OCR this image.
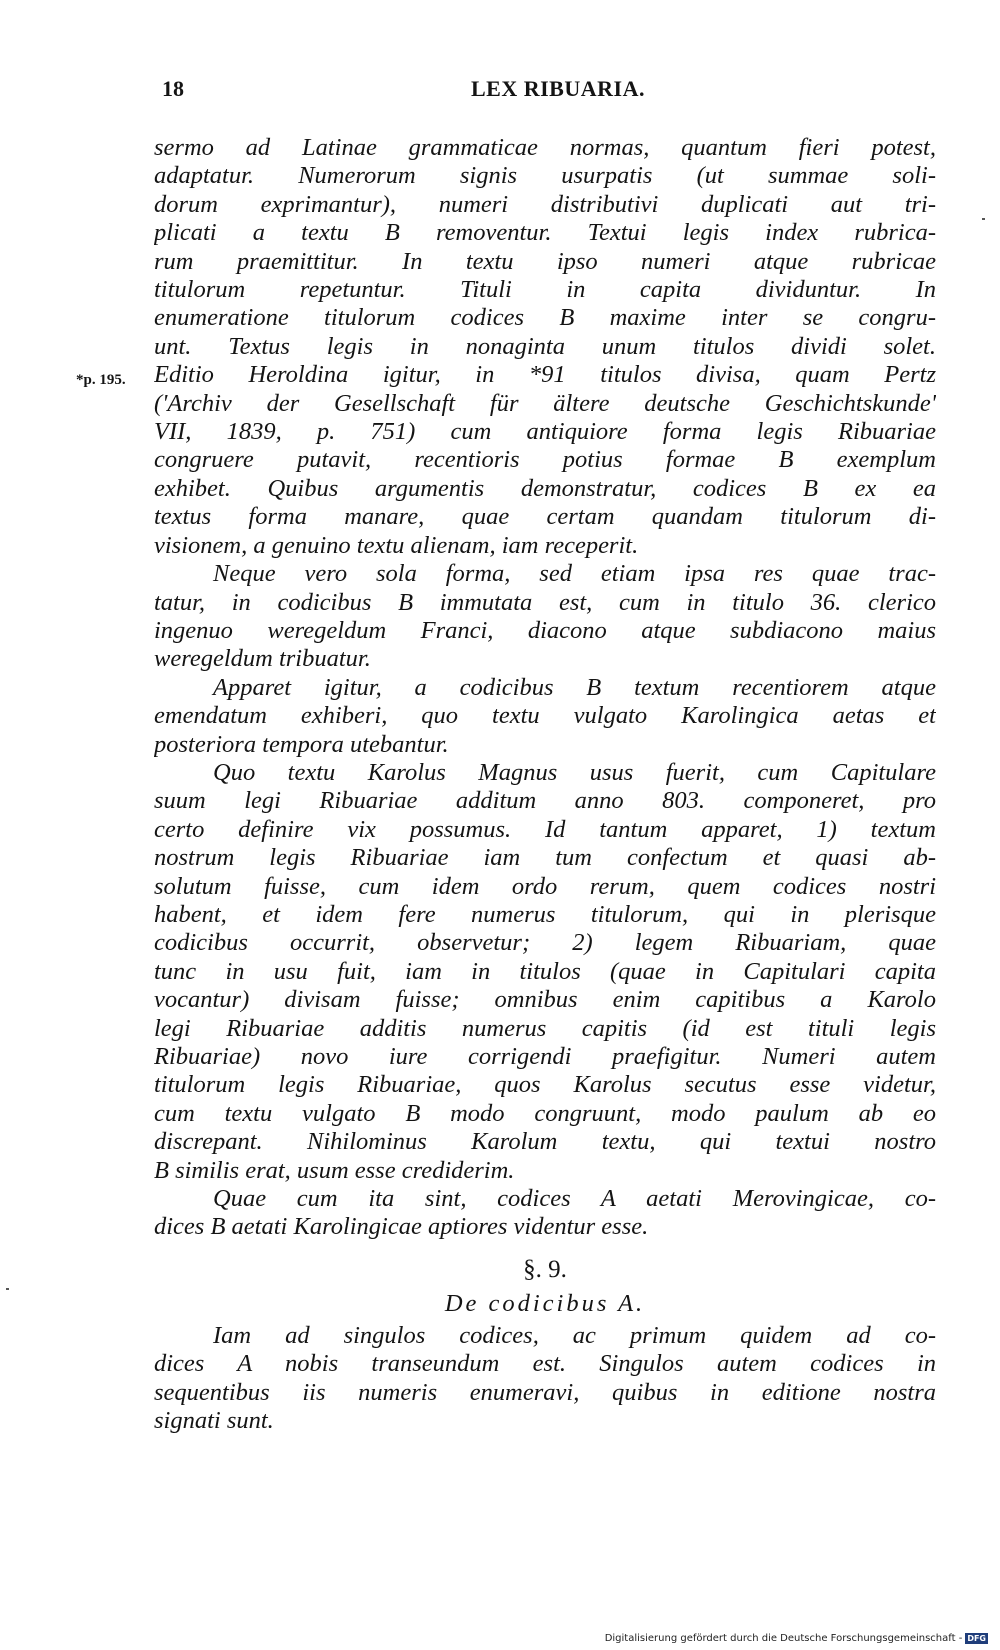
18	LEX RIBUARIA.
*p. 195.
sermo ad Latinae grammaticae normas, quantum fieri potest,
adaptatur. Numerorum signis usurpatis (ut summae soli-
dorum exprimantur), numeri distributivi duplicati aut tri-
plicati a textu B removentur. Textui legis index rubrica-
rum praemittitur. In textu ipso numeri atque rubricae
titulorum repetuntur. Tituli in capita dividuntur. In
enumeratione titulorum codices B maxime inter se congru-
unt. Textus legis in nonaginta unum titulos dividi solet.
Editio Heroldina igitur, in *91 titulos divisa, quam Pertz
('Archiv der Gesellschaft für ältere deutsche Geschichtskunde'
VII, 1839, p. 751) cum antiquiore forma legis Ribuariae
congruere putavit, recentioris potius formae B exemplum
exhibet. Quibus argumentis demonstratur, codices B ex ea
textus forma manare, quae certam quandam titulorum di-
visionem, a genuino textu alienam, iam receperit.
Neque vero sola forma, sed etiam ipsa res quae trac-
tatur, in codicibus B immutata est, cum in titulo 36. clerico
ingenuo weregeldum Franci, diacono atque subdiacono maius
weregeldum tribuatur.
Apparet igitur, a codicibus B textum recentiorem atque
emendatum exhiberi, quo textu vulgato Karolingica aetas et
posteriora tempora utebantur.
Quo textu Karolus Magnus usus fuerit, cum Capitulare
suum legi Ribuariae additum anno 803. componeret, pro
certo definire vix possumus. Id tantum apparet, 1) textum
nostrum legis Ribuariae iam tum confectum et quasi ab-
solutum fuisse, cum idem ordo rerum, quem codices nostri
habent, et idem fere numerus titulorum, qui in plerisque
codicibus occurrit, observetur; 2) legem Ribuariam, quae
tunc in usu fuit, iam in titulos (quae in Capitulari capita
vocantur) divisam fuisse; omnibus enim capitibus a Karolo
legi Ribuariae additis numerus capitis (id est tituli legis
Ribuariae) novo iure corrigendi praefigitur. Numeri autem
titulorum legis Ribuariae, quos Karolus secutus esse videtur,
cum textu vulgato B modo congruunt, modo paulum ab eo
discrepant. Nihilominus Karolum textu, qui textui nostro
B similis erat, usum esse crediderim.
Quae cum ita sint, codices A aetati Merovingicae, co-
dices B aetati Karolingicae aptiores videntur esse.
§. 9.
De codicibus A.
Iam ad singulos codices, ac primum quidem ad co-
dices A nobis transeundum est. Singulos autem codices in
sequentibus iis numeris enumeravi, quibus in editione nostra
signati sunt.
Digitalisierung gefördert durch die Deutsche Forschungsgemeinschaft - DFG
